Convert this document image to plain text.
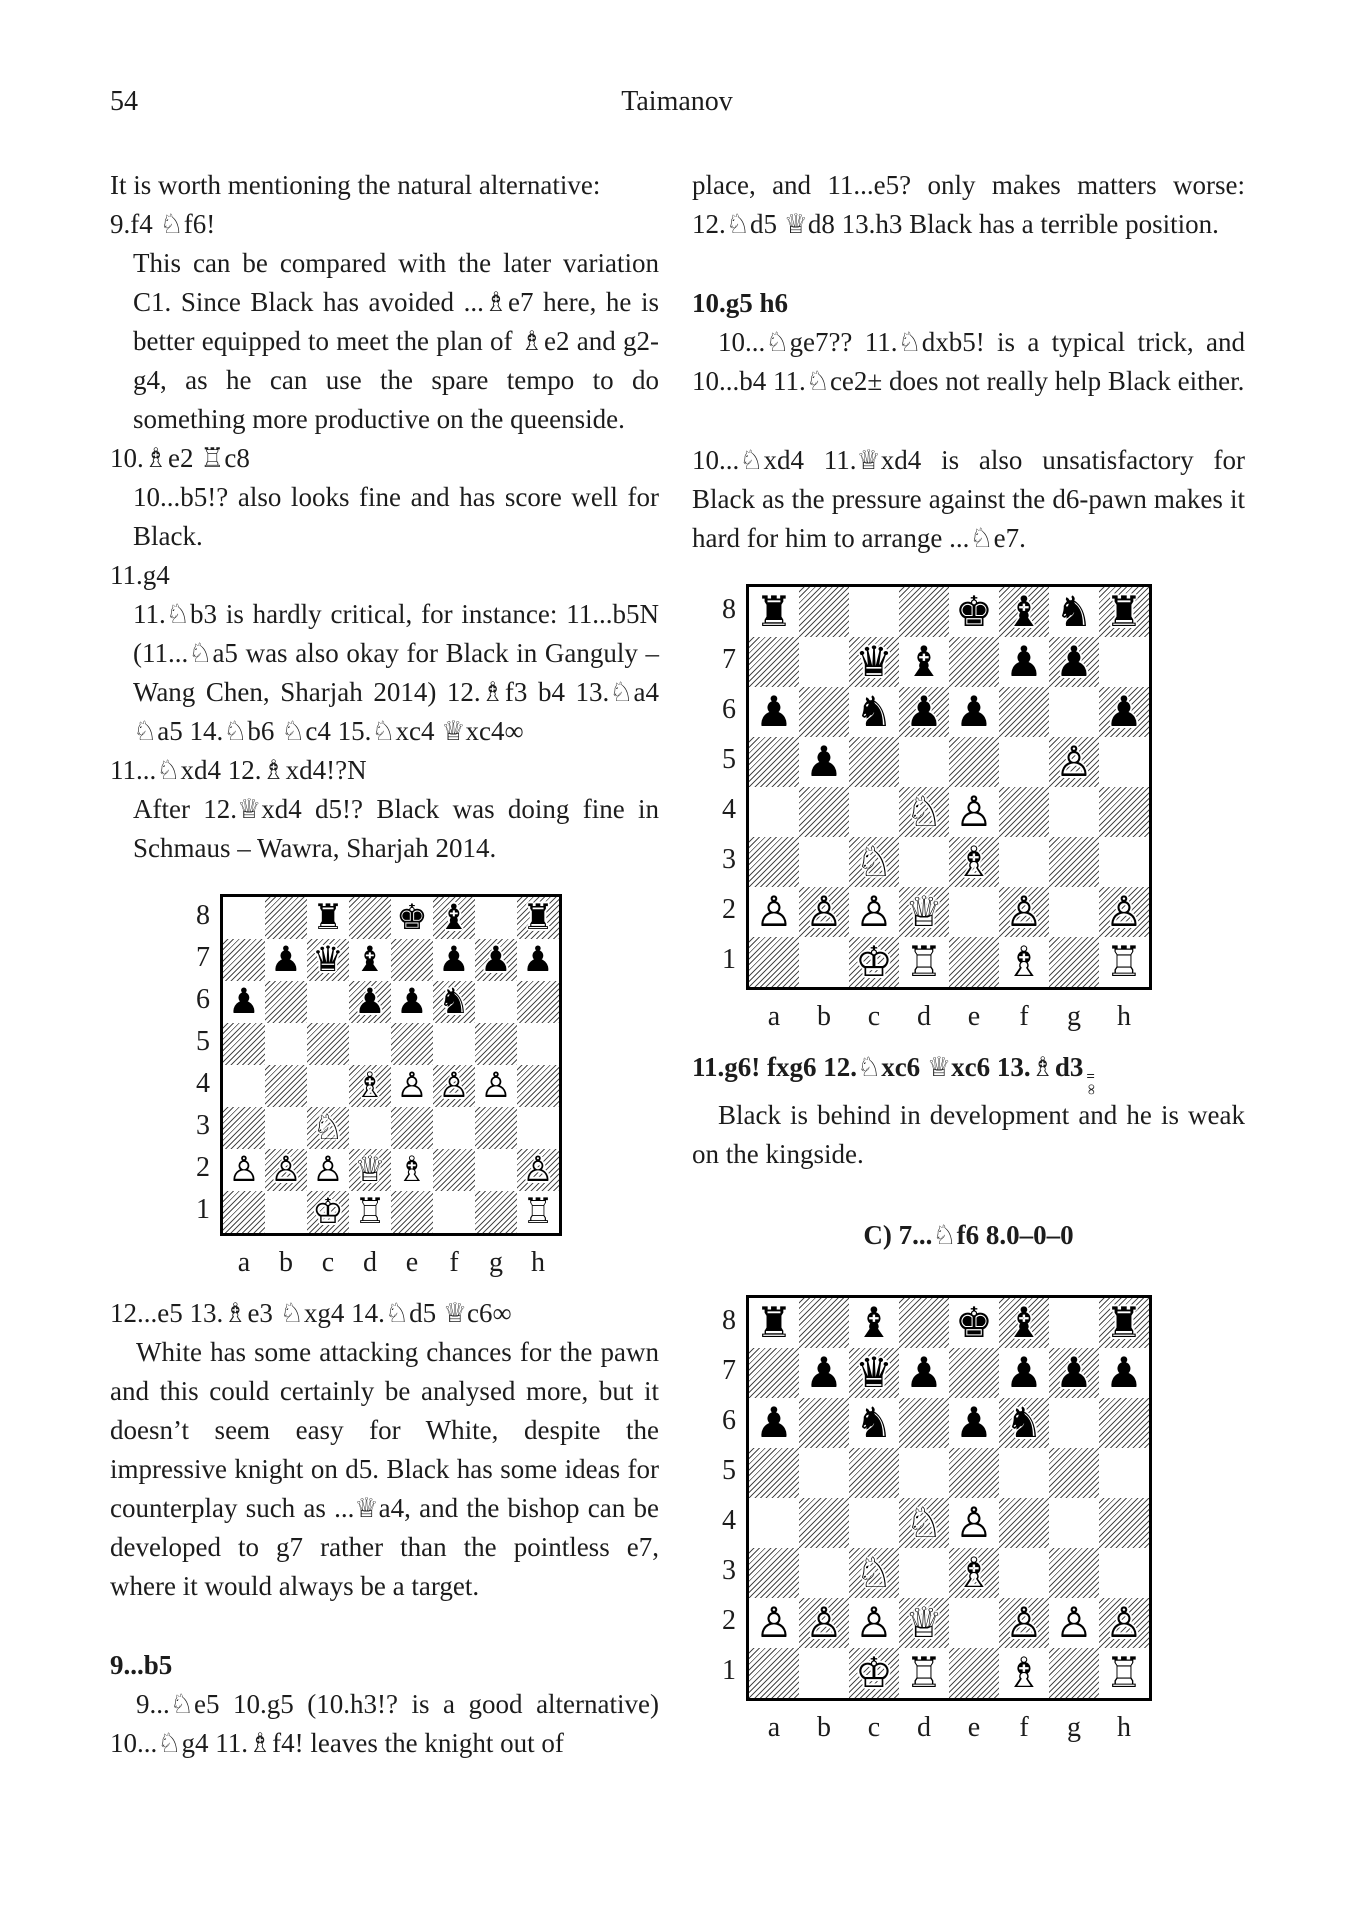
54	Taimanov

It is worth mentioning the natural alternative:

9.f4 ♘f6!

This can be compared with the later variation C1. Since Black has avoided ...♗e7 here, he is better equipped to meet the plan of ♗e2 and g2-g4, as he can use the spare tempo to do something more productive on the queenside.

10.♗e2 ♖c8

10...b5!? also looks fine and has score well for Black.

11.g4

11.♘b3 is hardly critical, for instance: 11...b5N (11...♘a5 was also okay for Black in Ganguly – Wang Chen, Sharjah 2014) 12.♗f3 b4 13.♘a4 ♘a5 14.♘b6 ♘c4 15.♘xc4 ♕xc4∞

11...♘xd4 12.♗xd4!?N

After 12.♕xd4 d5!? Black was doing fine in Schmaus – Wawra, Sharjah 2014.

8
7
6
5
4
3
2
1
♜ ♚ ♝ ♜
♟ ♛ ♝ ♟ ♟ ♟
♟	♟ ♟ ♞
♗ ♙ ♙ ♙
♘
♙ ♙ ♙ ♕ ♗	♙
♔ ♖	♖
a	b	c	d	e	f	g	h

12...e5 13.♗e3 ♘xg4 14.♘d5 ♕c6∞

White has some attacking chances for the pawn and this could certainly be analysed more, but it doesn’t seem easy for White, despite the impressive knight on d5. Black has some ideas for counterplay such as ...♕a4, and the bishop can be developed to g7 rather than the pointless e7, where it would always be a target.

9...b5

9...♘e5 10.g5 (10.h3!? is a good alternative) 10...♘g4 11.♗f4! leaves the knight out of

place, and 11...e5? only makes matters worse: 12.♘d5 ♕d8 13.h3 Black has a terrible position.

10.g5 h6

10...♘ge7?? 11.♘dxb5! is a typical trick, and 10...b4 11.♘ce2± does not really help Black either.

10...♘xd4 11.♕xd4 is also unsatisfactory for Black as the pressure against the d6-pawn makes it hard for him to arrange ...♘e7.

8
7
6
5
4
3
2
1
♜	♚ ♝ ♞ ♜
♛ ♝ ♟ ♟
♟ ♞ ♟ ♟	♟
♟	♙
♘ ♙
♘ ♗
♙ ♙ ♙ ♕ ♙ ♙
♔ ♖ ♗ ♖
a	b	c	d	e	f	g	h

11.g6! fxg6 12.♘xc6 ♕xc6 13.♗d3 =
∞

Black is behind in development and he is weak on the kingside.

C) 7...♘f6 8.0–0–0

8
7
6
5
4
3
2
1
♜ ♝ ♚ ♝ ♜
♟ ♛ ♟ ♟ ♟ ♟
♟ ♞ ♟ ♞
♘ ♙
♘ ♗
♙ ♙ ♙ ♕ ♙ ♙ ♙
♔ ♖ ♗ ♖
a	b	c	d	e	f	g	h
